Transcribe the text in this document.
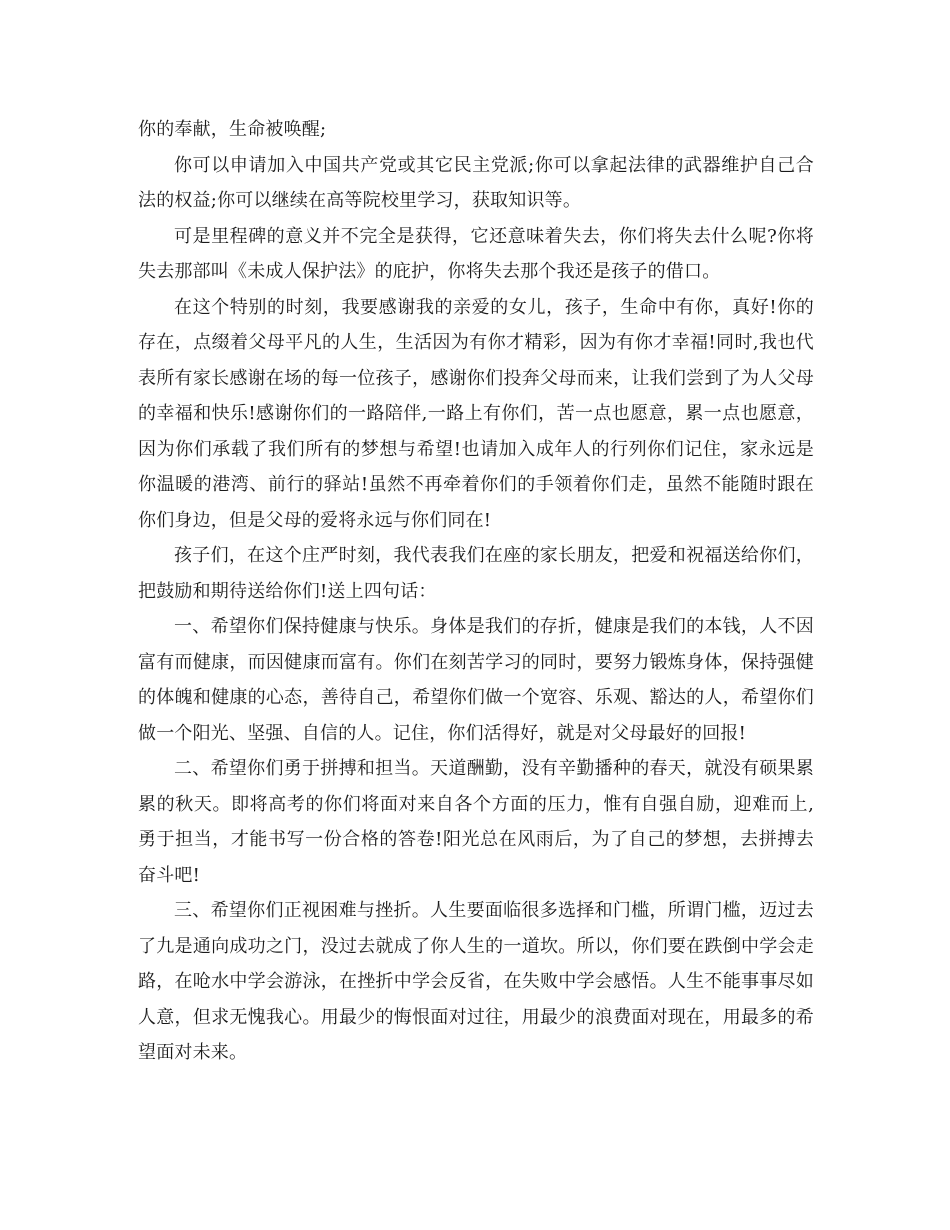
你的奉献，生命被唤醒;

你可以申请加入中国共产党或其它民主党派;你可以拿起法律的武器维护自己合法的权益;你可以继续在高等院校里学习，获取知识等。

可是里程碑的意义并不完全是获得，它还意味着失去，你们将失去什么呢?你将失去那部叫《未成人保护法》的庇护，你将失去那个我还是孩子的借口。

在这个特别的时刻，我要感谢我的亲爱的女儿，孩子，生命中有你，真好!你的存在，点缀着父母平凡的人生，生活因为有你才精彩，因为有你才幸福!同时,我也代表所有家长感谢在场的每一位孩子，感谢你们投奔父母而来，让我们尝到了为人父母的幸福和快乐!感谢你们的一路陪伴,一路上有你们，苦一点也愿意，累一点也愿意，因为你们承载了我们所有的梦想与希望!也请加入成年人的行列你们记住，家永远是你温暖的港湾、前行的驿站!虽然不再牵着你们的手领着你们走，虽然不能随时跟在你们身边，但是父母的爱将永远与你们同在!

孩子们，在这个庄严时刻，我代表我们在座的家长朋友，把爱和祝福送给你们，把鼓励和期待送给你们!送上四句话：

一、希望你们保持健康与快乐。身体是我们的存折，健康是我们的本钱，人不因富有而健康，而因健康而富有。你们在刻苦学习的同时，要努力锻炼身体，保持强健的体魄和健康的心态，善待自己，希望你们做一个宽容、乐观、豁达的人，希望你们做一个阳光、坚强、自信的人。记住，你们活得好，就是对父母最好的回报!

二、希望你们勇于拼搏和担当。天道酬勤，没有辛勤播种的春天，就没有硕果累累的秋天。即将高考的你们将面对来自各个方面的压力，惟有自强自励，迎难而上,勇于担当，才能书写一份合格的答卷!阳光总在风雨后，为了自己的梦想，去拼搏去奋斗吧!

三、希望你们正视困难与挫折。人生要面临很多选择和门槛，所谓门槛，迈过去了九是通向成功之门，没过去就成了你人生的一道坎。所以，你们要在跌倒中学会走路，在呛水中学会游泳，在挫折中学会反省，在失败中学会感悟。人生不能事事尽如人意，但求无愧我心。用最少的悔恨面对过往，用最少的浪费面对现在，用最多的希望面对未来。
